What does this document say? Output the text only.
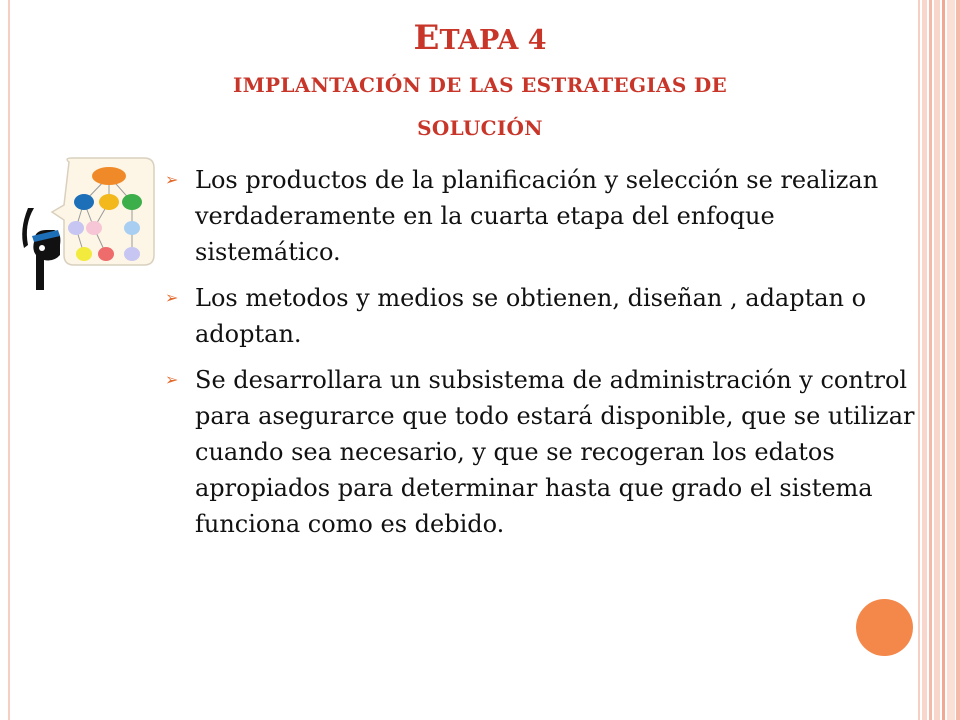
ETAPA 4
IMPLANTACIÓN DE LAS ESTRATEGIAS DE
SOLUCIÓN
➢ Los productos de la planificación y selección se realizan verdaderamente en la cuarta etapa del enfoque sistemático.
➢ Los metodos y medios se obtienen, diseñan , adaptan o adoptan.
➢ Se desarrollara un subsistema de administración y control para asegurarce que todo estará disponible, que se utilizar cuando sea necesario, y que se recogeran los edatos apropiados para determinar hasta que grado el sistema funciona como es debido.
